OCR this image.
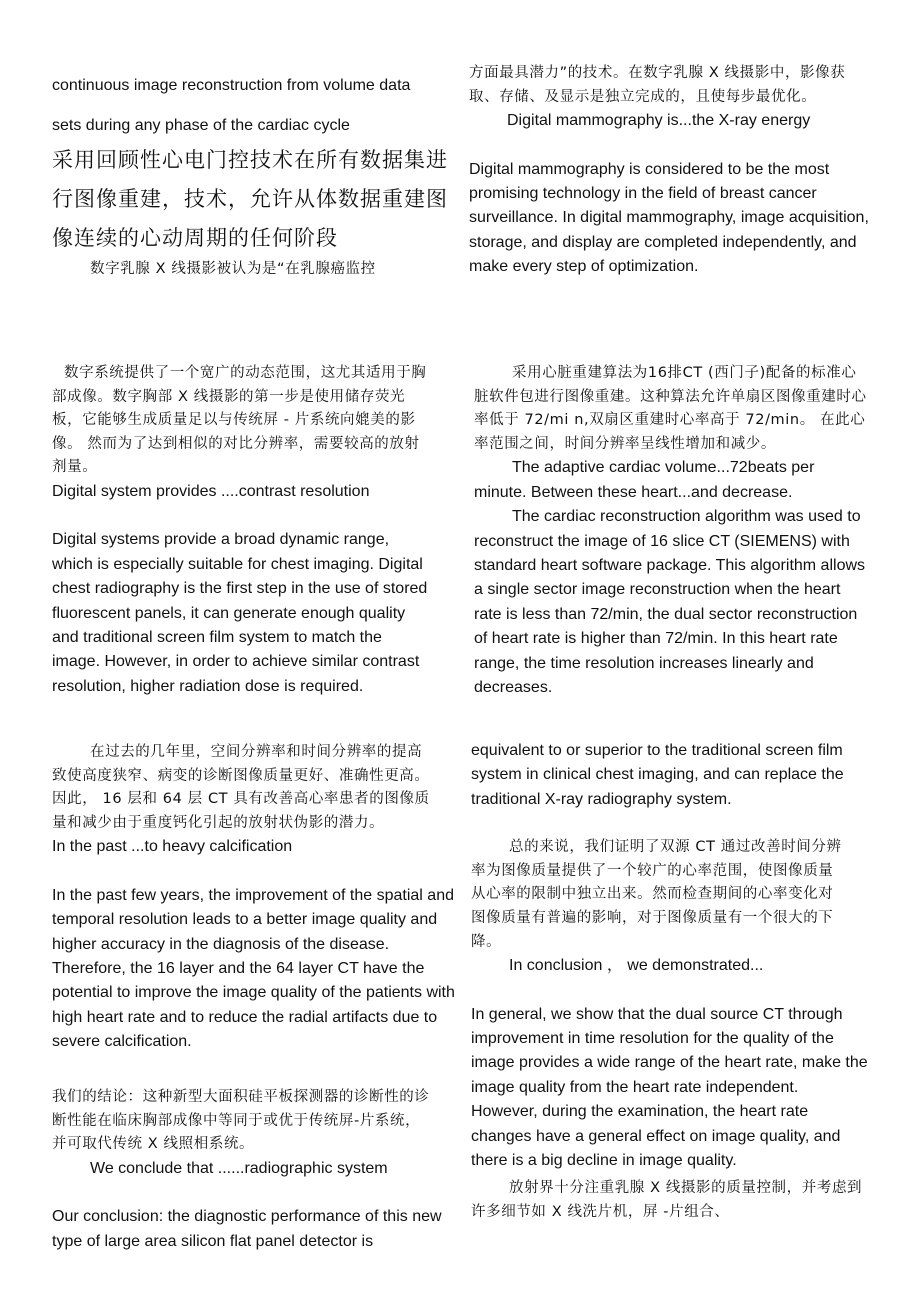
continuous image reconstruction from volume data

sets during any phase of the cardiac cycle

采用回顾性心电门控技术在所有数据集进行图像重建，技术，允许从体数据重建图像连续的心动周期的任何阶段

数字乳腺 X 线摄影被认为是“在乳腺癌监控

数字系统提供了一个宽广的动态范围，这尤其适用于胸部成像。数字胸部 X 线摄影的第一步是使用储存荧光板，它能够生成质量足以与传统屏 - 片系统向媲美的影像。 然而为了达到相似的对比分辨率，需要较高的放射剂量。

Digital system provides ....contrast resolution

Digital systems provide a broad dynamic range, which is especially suitable for chest imaging. Digital chest radiography is the first step in the use of stored fluorescent panels, it can generate enough quality and traditional screen film system to match the image. However, in order to achieve similar contrast resolution, higher radiation dose is required.

在过去的几年里，空间分辨率和时间分辨率的提高致使高度狭窄、病变的诊断图像质量更好、准确性更高。因此， 16 层和 64 层 CT 具有改善高心率患者的图像质量和减少由于重度钙化引起的放射状伪影的潜力。

In the past ...to heavy calcification

In the past few years, the improvement of the spatial and temporal resolution leads to a better image quality and higher accuracy in the diagnosis of the disease. Therefore, the 16 layer and the 64 layer CT have the potential to improve the image quality of the patients with high heart rate and to reduce the radial artifacts due to severe calcification.

我们的结论：这种新型大面积硅平板探测器的诊断性的诊断性能在临床胸部成像中等同于或优于传统屏-片系统，并可取代传统 X 线照相系统。

We conclude that ......radiographic system

Our conclusion: the diagnostic performance of this new type of large area silicon flat panel detector is

方面最具潜力”的技术。在数字乳腺 X 线摄影中，影像获取、存储、及显示是独立完成的，且使每步最优化。

Digital mammography is...the X-ray energy

Digital mammography is considered to be the most promising technology in the field of breast cancer surveillance. In digital mammography, image acquisition, storage, and display are completed independently, and make every step of optimization.

采用心脏重建算法为16排CT (西门子)配备的标准心脏软件包进行图像重建。这种算法允许单扇区图像重建时心率低于 72/mi n,双扇区重建时心率高于 72/min。 在此心率范围之间，时间分辨率呈线性增加和减少。

The adaptive cardiac volume...72beats per minute. Between these heart...and decrease.

The cardiac reconstruction algorithm was used to reconstruct the image of 16 slice CT (SIEMENS) with standard heart software package. This algorithm allows a single sector image reconstruction when the heart rate is less than 72/min, the dual sector reconstruction of heart rate is higher than 72/min. In this heart rate range, the time resolution increases linearly and decreases.

equivalent to or superior to the traditional screen film system in clinical chest imaging, and can replace the traditional X-ray radiography system.

总的来说，我们证明了双源 CT 通过改善时间分辨率为图像质量提供了一个较广的心率范围，使图像质量从心率的限制中独立出来。然而检查期间的心率变化对图像质量有普遍的影响，对于图像质量有一个很大的下降。

In conclusion ， we demonstrated...

In general, we show that the dual source CT through improvement in time resolution for the quality of the image provides a wide range of the heart rate, make the image quality from the heart rate independent. However, during the examination, the heart rate changes have a general effect on image quality, and there is a big decline in image quality.

放射界十分注重乳腺 X 线摄影的质量控制，并考虑到许多细节如 X 线洗片机，屏 -片组合、
